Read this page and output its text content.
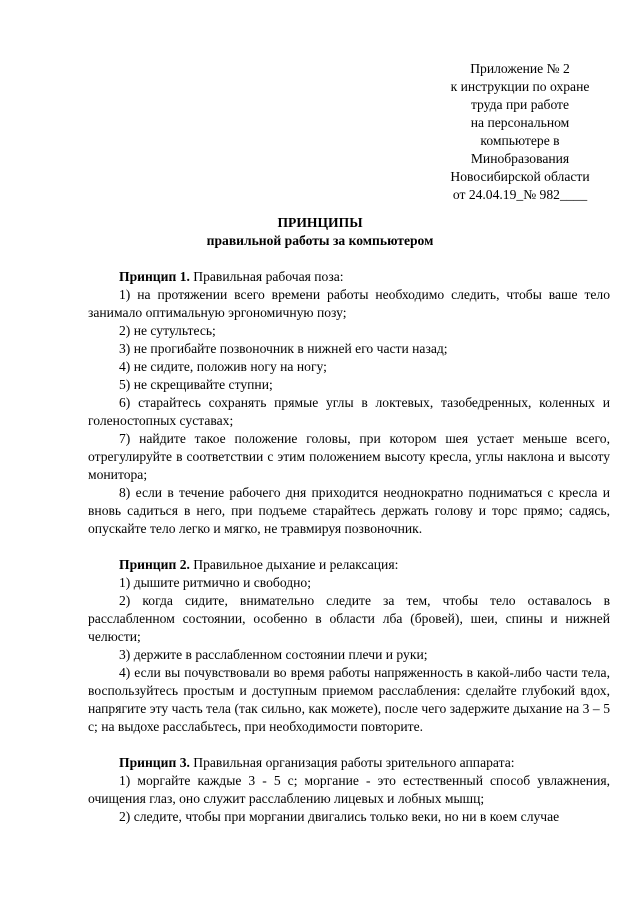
Приложение № 2
к инструкции по охране
труда при работе
на персональном
компьютере в
Минобразования
Новосибирской области
от 24.04.19_№ 982____
ПРИНЦИПЫ
правильной работы за компьютером

Принцип 1. Правильная рабочая поза:

1) на протяжении всего времени работы необходимо следить, чтобы ваше тело занимало оптимальную эргономичную позу;

2) не сутультесь;

3) не прогибайте позвоночник в нижней его части назад;

4) не сидите, положив ногу на ногу;

5) не скрещивайте ступни;

6) старайтесь сохранять прямые углы в локтевых, тазобедренных, коленных и голеностопных суставах;

7) найдите такое положение головы, при котором шея устает меньше всего, отрегулируйте в соответствии с этим положением высоту кресла, углы наклона и высоту монитора;

8) если в течение рабочего дня приходится неоднократно подниматься с кресла и вновь садиться в него, при подъеме старайтесь держать голову и торс прямо; садясь, опускайте тело легко и мягко, не травмируя позвоночник.

Принцип 2. Правильное дыхание и релаксация:

1) дышите ритмично и свободно;

2) когда сидите, внимательно следите за тем, чтобы тело оставалось в расслабленном состоянии, особенно в области лба (бровей), шеи, спины и нижней челюсти;

3) держите в расслабленном состоянии плечи и руки;

4) если вы почувствовали во время работы напряженность в какой-либо части тела, воспользуйтесь простым и доступным приемом расслабления: сделайте глубокий вдох, напрягите эту часть тела (так сильно, как можете), после чего задержите дыхание на 3 – 5 с; на выдохе расслабьтесь, при необходимости повторите.

Принцип 3. Правильная организация работы зрительного аппарата:

1) моргайте каждые 3 - 5 с; моргание - это естественный способ увлажнения, очищения глаз, оно служит расслаблению лицевых и лобных мышц;

2) следите, чтобы при моргании двигались только веки, но ни в коем случае
